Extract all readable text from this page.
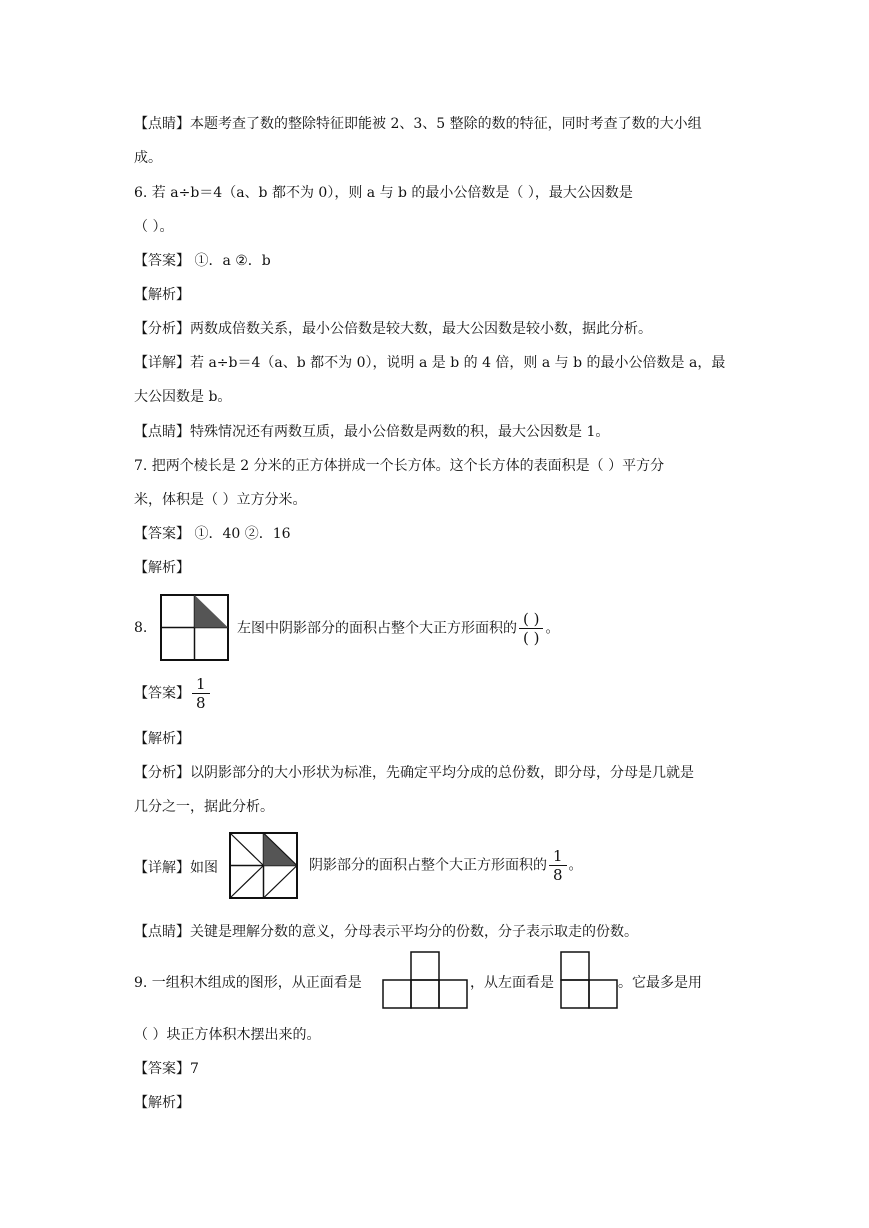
【点睛】本题考查了数的整除特征即能被 2、3、5 整除的数的特征，同时考查了数的大小组
成。
6. 若 a÷b＝4（a、b 都不为 0），则 a 与 b 的最小公倍数是（ ），最大公因数是
（ ）。
【答案】 ①．a ②．b
【解析】
【分析】两数成倍数关系，最小公倍数是较大数，最大公因数是较小数，据此分析。
【详解】若 a÷b＝4（a、b 都不为 0），说明 a 是 b 的 4 倍，则 a 与 b 的最小公倍数是 a，最
大公因数是 b。
【点睛】特殊情况还有两数互质，最小公倍数是两数的积，最大公因数是 1。
7. 把两个棱长是 2 分米的正方体拼成一个长方体。这个长方体的表面积是（ ）平方分
米，体积是（ ）立方分米。
【答案】 ①．40 ②．16
【解析】
8.	左图中阴影部分的面积占整个大正方形面积的 $\frac{( )}{( )}$ 。
【答案】 $\frac{1}{8}$
【解析】
【分析】以阴影部分的大小形状为标准，先确定平均分成的总份数，即分母，分母是几就是
几分之一，据此分析。
【详解】如图	阴影部分的面积占整个大正方形面积的 $\frac{1}{8}$ 。
【点睛】关键是理解分数的意义，分母表示平均分的份数，分子表示取走的份数。
9. 一组积木组成的图形，从正面看是	，从左面看是	。它最多是用
（ ）块正方体积木摆出来的。
【答案】7
【解析】
